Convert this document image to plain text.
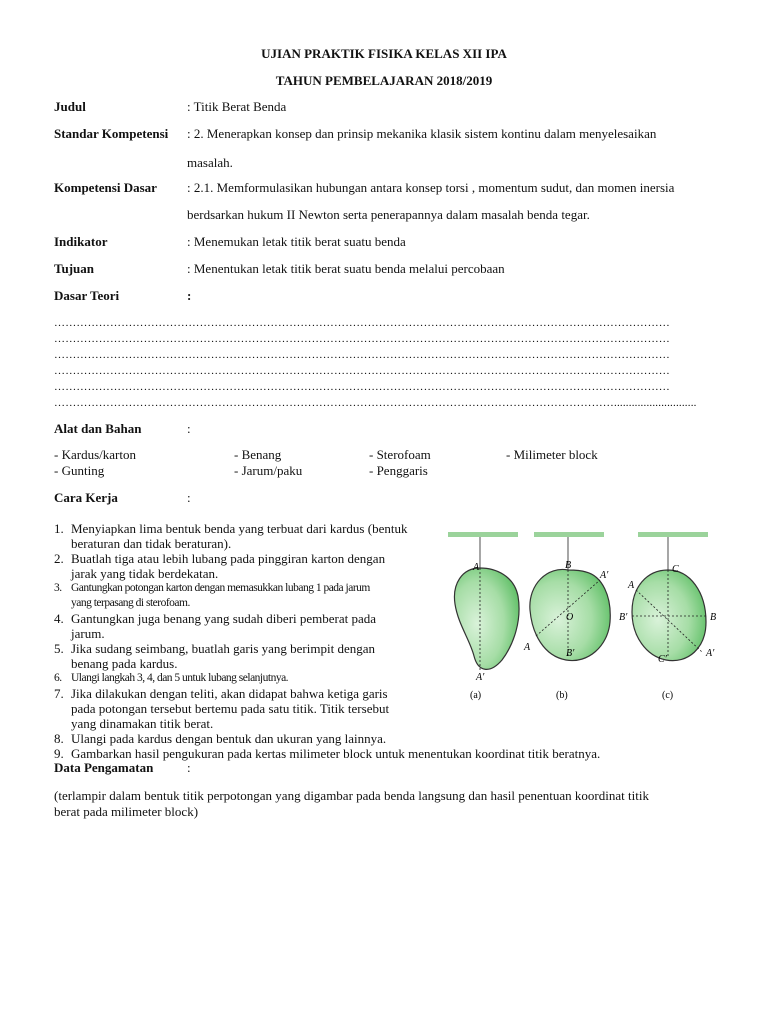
UJIAN PRAKTIK FISIKA KELAS XII IPA
TAHUN PEMBELAJARAN 2018/2019
Judul	: Titik Berat Benda
Standar Kompetensi : 2. Menerapkan konsep dan prinsip mekanika klasik sistem kontinu dalam menyelesaikan
masalah.
Kompetensi Dasar : 2.1. Memformulasikan hubungan antara konsep torsi , momentum sudut, dan momen inersia
berdsarkan hukum II Newton serta penerapannya dalam masalah benda tegar.
Indikator	: Menemukan letak titik berat suatu benda
Tujuan	: Menentukan letak titik berat suatu benda melalui percobaan
Dasar Teori	:
…………………………………………………………………………………………………………………………………………………
…………………………………………………………………………………………………………………………………………………
…………………………………………………………………………………………………………………………………………………
…………………………………………………………………………………………………………………………………………………
…………………………………………………………………………………………………………………………………………………
……………………………………………………………………………………………………………………………………............................
Alat dan Bahan	:
- Kardus/karton	- Benang	- Sterofoam	- Milimeter block
- Gunting	- Jarum/paku	- Penggaris
Cara Kerja	:
1. Menyiapkan lima bentuk benda yang terbuat dari kardus (bentuk
beraturan dan tidak beraturan).
2. Buatlah tiga atau lebih lubang pada pinggiran karton dengan
jarak yang tidak berdekatan.
3. Gantungkan potongan karton dengan memasukkan lubang 1 pada jarum
yang terpasang di sterofoam.
4. Gantungkan juga benang yang sudah diberi pemberat pada
jarum.
5. Jika sudang seimbang, buatlah garis yang berimpit dengan
benang pada kardus.
6. Ulangi langkah 3, 4, dan 5 untuk lubang selanjutnya.
7. Jika dilakukan dengan teliti, akan didapat bahwa ketiga garis
pada potongan tersebut bertemu pada satu titik. Titik tersebut
yang dinamakan titik berat.
8. Ulangi pada kardus dengan bentuk dan ukuran yang lainnya.
9. Gambarkan hasil pengukuran pada kertas milimeter block untuk menentukan koordinat titik beratnya.
A
A′
(a)
B
A′
O
A
B′
(b)
C
A
B′	B
C′
A′
(c)
Data Pengamatan	:
(terlampir dalam bentuk titik perpotongan yang digambar pada benda langsung dan hasil penentuan koordinat titik
berat pada milimeter block)
